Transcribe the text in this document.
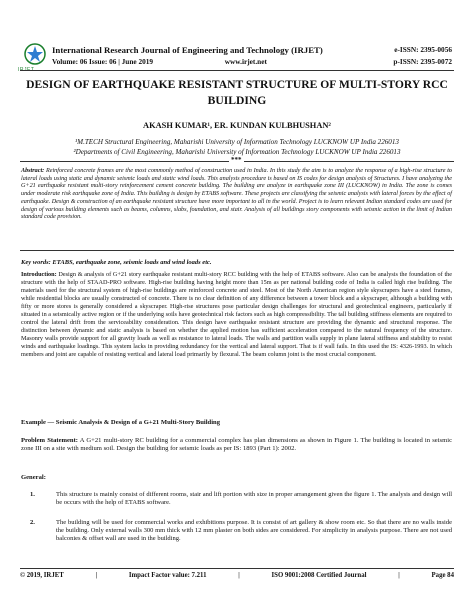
IRJET
International Research Journal of Engineering and Technology (IRJET)
Volume: 06 Issue: 06 | June 2019	www.irjet.net
e-ISSN: 2395-0056
p-ISSN: 2395-0072
DESIGN OF EARTHQUAKE RESISTANT STRUCTURE OF MULTI-STORY RCC BUILDING
AKASH KUMAR¹, ER. KUNDAN KULBHUSHAN²
¹M.TECH Structural Engineering, Maharishi University of Information Technology LUCKNOW UP India 226013
²Departments of Civil Engineering, Maharishi University of Information Technology LUCKNOW UP India 226013
***
Abstract: Reinforced concrete frames are the most commonly method of construction used in India. In this study the aim is to analyze the response of a high-rise structure to lateral loads using static and dynamic seismic loads and static wind loads. This analysis procedure is based on IS codes for design analysis of Structures. I have analyzing the G+21 earthquake resistant multi-story reinforcement cement concrete building. The building are analyze in earthquake zone III (LUCKNOW) in India. The zone is comes under moderate risk earthquake zone of India. This building is design by ETABS software. These projects are classifying the seismic analysis with lateral forces by the effect of earthquake. Design & construction of an earthquake resistant structure have more important to all in the world. Project is to learn relevant Indian standard codes are used for design of various building elements such as beams, columns, slabs, foundation, and stair. Analysis of all buildings story components with seismic action in the limit of Indian standard code provision.
Key words: ETABS, earthquake zone, seismic loads and wind loads etc.
Introduction: Design & analysis of G+21 story earthquake resistant multi-story RCC building with the help of ETABS software. Also can be analysis the foundation of the structure with the help of STAAD-PRO software. High-rise building having height more than 15m as per national building code of India is called high rise building. The materials used for the structural system of high-rise buildings are reinforced concrete and steel. Most of the North American region style skyscrapers have a steel frames, while residential blocks are usually constructed of concrete. There is no clear definition of any difference between a tower block and a skyscraper, although a building with fifty or more stores is generally considered a skyscraper. High-rise structures pose particular design challenges for structural and geotechnical engineers, particularly if situated in a seismically active region or if the underlying soils have geotechnical risk factors such as high compressibility. The tall building stiffness elements are required to control the lateral drift from the serviceability consideration. This design have earthquake resistant structure are providing the dynamic and structural response. The distinction between dynamic and static analysis is based on whether the applied motion has sufficient acceleration compared to the natural frequency of the structure. Masonry walls provide support for all gravity loads as well as resistance to lateral loads. The walls and partition walls supply in plane lateral stiffness and stability to resist winds and earthquake loadings. This system lacks in providing redundancy for the vertical and lateral support. That is if wall fails. In this used the IS: 4326-1993. In which members and joint are capable of resisting vertical and lateral load primarily by flexural. The beam column joint is the most crucial component.
Example — Seismic Analysis & Design of a G+21 Multi-Story Building
Problem Statement: A G+21 multi-story RC building for a commercial complex has plan dimensions as shown in Figure 1. The building is located in seismic zone III on a site with medium soil. Design the building for seismic loads as per IS: 1893 (Part 1): 2002.
General:
1.	This structure is mainly consist of different rooms, stair and lift portion with size in proper arrangement given the figure 1. The analysis and design will be occurs with the help of ETABS software.
2.	The building will be used for commercial works and exhibitions purpose. It is consist of art gallery & show room etc. So that there are no walls inside the building. Only external walls 300 mm thick with 12 mm plaster on both sides are considered. For simplicity in analysis purpose. There are not used balconies & offset wall are used in the building.
© 2019, IRJET	|	Impact Factor value: 7.211	|	ISO 9001:2008 Certified Journal	|	Page 84
